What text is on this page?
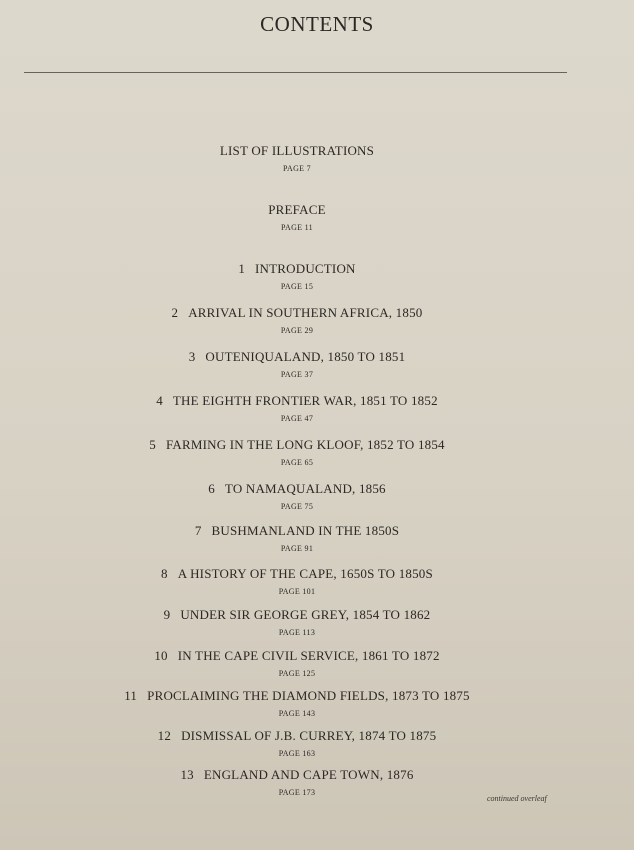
CONTENTS
LIST OF ILLUSTRATIONS
PAGE 7
PREFACE
PAGE 11
1 INTRODUCTION
PAGE 15
2 ARRIVAL IN SOUTHERN AFRICA, 1850
PAGE 29
3 OUTENIQUALAND, 1850 TO 1851
PAGE 37
4 THE EIGHTH FRONTIER WAR, 1851 TO 1852
PAGE 47
5 FARMING IN THE LONG KLOOF, 1852 TO 1854
PAGE 65
6 TO NAMAQUALAND, 1856
PAGE 75
7 BUSHMANLAND IN THE 1850S
PAGE 91
8 A HISTORY OF THE CAPE, 1650S TO 1850S
PAGE 101
9 UNDER SIR GEORGE GREY, 1854 TO 1862
PAGE 113
10 IN THE CAPE CIVIL SERVICE, 1861 TO 1872
PAGE 125
11 PROCLAIMING THE DIAMOND FIELDS, 1873 TO 1875
PAGE 143
12 DISMISSAL OF J.B. CURREY, 1874 TO 1875
PAGE 163
13 ENGLAND AND CAPE TOWN, 1876
PAGE 173
continued overleaf
